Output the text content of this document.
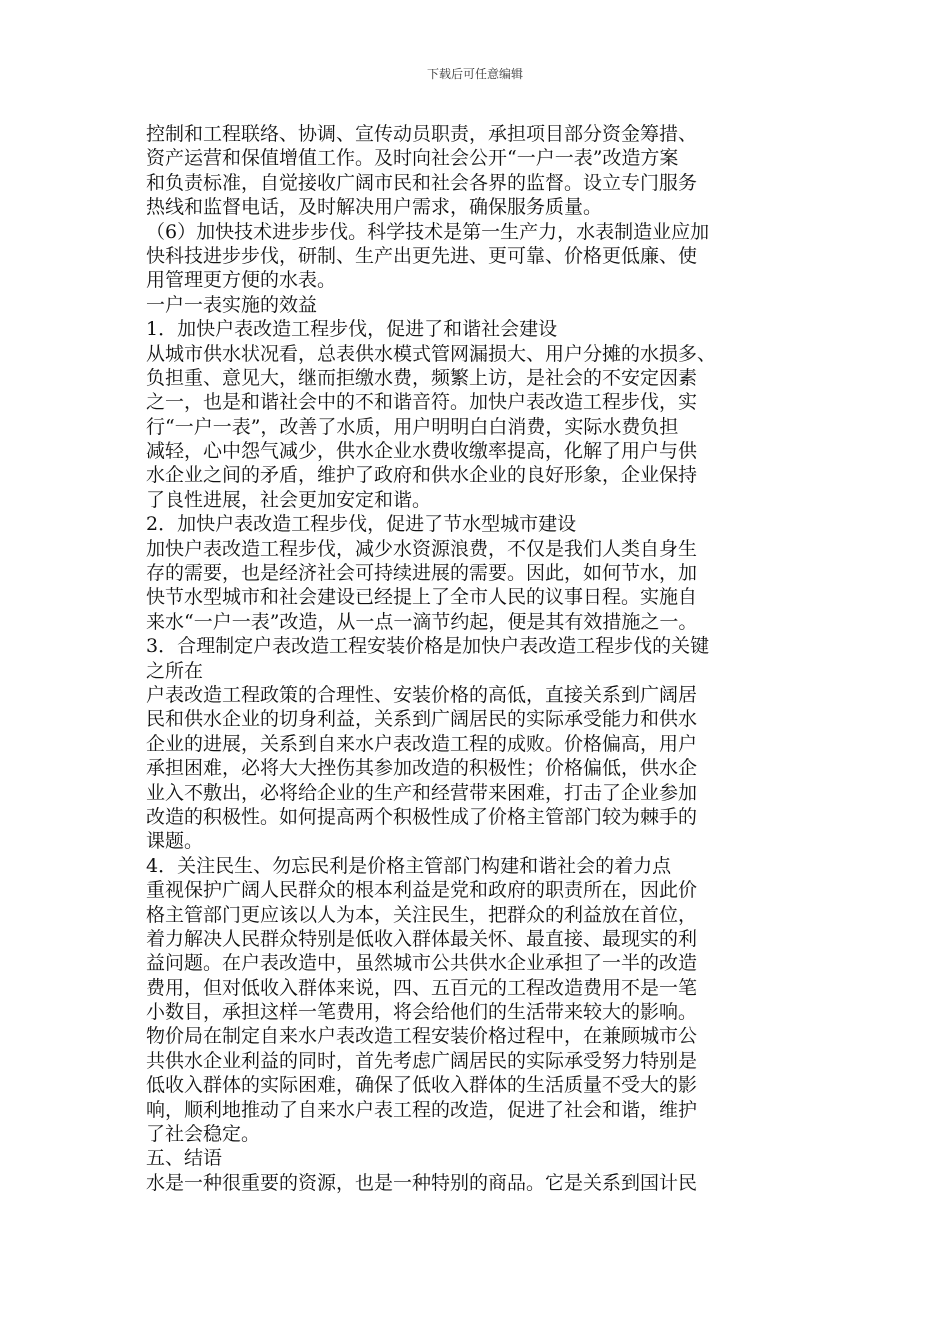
下载后可任意编辑
控制和工程联络、协调、宣传动员职责，承担项目部分资金筹措、
资产运营和保值增值工作。及时向社会公开“一户一表”改造方案
和负责标准，自觉接收广阔市民和社会各界的监督。设立专门服务
热线和监督电话，及时解决用户需求，确保服务质量。
（6）加快技术进步步伐。科学技术是第一生产力，水表制造业应加
快科技进步步伐，研制、生产出更先进、更可靠、价格更低廉、使
用管理更方便的水表。
一户一表实施的效益
1．加快户表改造工程步伐，促进了和谐社会建设
从城市供水状况看，总表供水模式管网漏损大、用户分摊的水损多、
负担重、意见大，继而拒缴水费，频繁上访，是社会的不安定因素
之一，也是和谐社会中的不和谐音符。加快户表改造工程步伐，实
行“一户一表”，改善了水质，用户明明白白消费，实际水费负担
减轻，心中怨气减少，供水企业水费收缴率提高，化解了用户与供
水企业之间的矛盾，维护了政府和供水企业的良好形象，企业保持
了良性进展，社会更加安定和谐。
2．加快户表改造工程步伐，促进了节水型城市建设
加快户表改造工程步伐，减少水资源浪费，不仅是我们人类自身生
存的需要，也是经济社会可持续进展的需要。因此，如何节水，加
快节水型城市和社会建设已经提上了全市人民的议事日程。实施自
来水“一户一表”改造，从一点一滴节约起，便是其有效措施之一。
3．合理制定户表改造工程安装价格是加快户表改造工程步伐的关键
之所在
户表改造工程政策的合理性、安装价格的高低，直接关系到广阔居
民和供水企业的切身利益，关系到广阔居民的实际承受能力和供水
企业的进展，关系到自来水户表改造工程的成败。价格偏高，用户
承担困难，必将大大挫伤其参加改造的积极性；价格偏低，供水企
业入不敷出，必将给企业的生产和经营带来困难，打击了企业参加
改造的积极性。如何提高两个积极性成了价格主管部门较为棘手的
课题。
4．关注民生、勿忘民利是价格主管部门构建和谐社会的着力点
重视保护广阔人民群众的根本利益是党和政府的职责所在，因此价
格主管部门更应该以人为本，关注民生，把群众的利益放在首位，
着力解决人民群众特别是低收入群体最关怀、最直接、最现实的利
益问题。在户表改造中，虽然城市公共供水企业承担了一半的改造
费用，但对低收入群体来说，四、五百元的工程改造费用不是一笔
小数目，承担这样一笔费用，将会给他们的生活带来较大的影响。
物价局在制定自来水户表改造工程安装价格过程中，在兼顾城市公
共供水企业利益的同时，首先考虑广阔居民的实际承受努力特别是
低收入群体的实际困难，确保了低收入群体的生活质量不受大的影
响，顺利地推动了自来水户表工程的改造，促进了社会和谐，维护
了社会稳定。
五、结语
水是一种很重要的资源，也是一种特别的商品。它是关系到国计民
